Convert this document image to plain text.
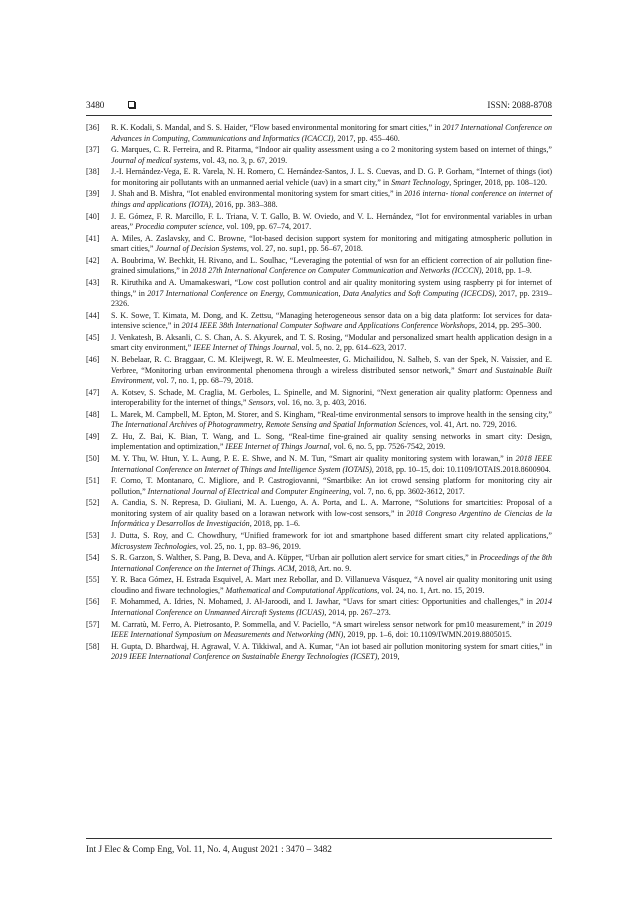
3480	ISSN: 2088-8708
[36]	R. K. Kodali, S. Mandal, and S. S. Haider, “Flow based environmental monitoring for smart cities,” in 2017 International Conference on Advances in Computing, Communications and Informatics (ICACCI), 2017, pp. 455–460.
[37]	G. Marques, C. R. Ferreira, and R. Pitarma, “Indoor air quality assessment using a co 2 monitoring system based on internet of things,” Journal of medical systems, vol. 43, no. 3, p. 67, 2019.
[38]	J.-I. Hernández-Vega, E. R. Varela, N. H. Romero, C. Hernández-Santos, J. L. S. Cuevas, and D. G. P. Gorham, “Internet of things (iot) for monitoring air pollutants with an unmanned aerial vehicle (uav) in a smart city,” in Smart Technology, Springer, 2018, pp. 108–120.
[39]	J. Shah and B. Mishra, “Iot enabled environmental monitoring system for smart cities,” in 2016 interna- tional conference on internet of things and applications (IOTA), 2016, pp. 383–388.
[40]	J. E. Gómez, F. R. Marcillo, F. L. Triana, V. T. Gallo, B. W. Oviedo, and V. L. Hernández, “Iot for environmental variables in urban areas,” Procedia computer science, vol. 109, pp. 67–74, 2017.
[41]	A. Miles, A. Zaslavsky, and C. Browne, “Iot-based decision support system for monitoring and mitigating atmospheric pollution in smart cities,” Journal of Decision Systems, vol. 27, no. sup1, pp. 56–67, 2018.
[42]	A. Boubrima, W. Bechkit, H. Rivano, and L. Soulhac, “Leveraging the potential of wsn for an efficient correction of air pollution fine-grained simulations,” in 2018 27th International Conference on Computer Communication and Networks (ICCCN), 2018, pp. 1–9.
[43]	R. Kiruthika and A. Umamakeswari, “Low cost pollution control and air quality monitoring system using raspberry pi for internet of things,” in 2017 International Conference on Energy, Communication, Data Analytics and Soft Computing (ICECDS), 2017, pp. 2319–2326.
[44]	S. K. Sowe, T. Kimata, M. Dong, and K. Zettsu, “Managing heterogeneous sensor data on a big data platform: Iot services for data-intensive science,” in 2014 IEEE 38th International Computer Software and Applications Conference Workshops, 2014, pp. 295–300.
[45]	J. Venkatesh, B. Aksanli, C. S. Chan, A. S. Akyurek, and T. S. Rosing, “Modular and personalized smart health application design in a smart city environment,” IEEE Internet of Things Journal, vol. 5, no. 2, pp. 614–623, 2017.
[46]	N. Bebelaar, R. C. Braggaar, C. M. Kleijwegt, R. W. E. Meulmeester, G. Michailidou, N. Salheb, S. van der Spek, N. Vaissier, and E. Verbree, “Monitoring urban environmental phenomena through a wireless distributed sensor network,” Smart and Sustainable Built Environment, vol. 7, no. 1, pp. 68–79, 2018.
[47]	A. Kotsev, S. Schade, M. Craglia, M. Gerboles, L. Spinelle, and M. Signorini, “Next generation air quality platform: Openness and interoperability for the internet of things,” Sensors, vol. 16, no. 3, p. 403, 2016.
[48]	L. Marek, M. Campbell, M. Epton, M. Storer, and S. Kingham, “Real-time environmental sensors to improve health in the sensing city,” The International Archives of Photogrammetry, Remote Sensing and Spatial Information Sciences, vol. 41, Art. no. 729, 2016.
[49]	Z. Hu, Z. Bai, K. Bian, T. Wang, and L. Song, “Real-time fine-grained air quality sensing networks in smart city: Design, implementation and optimization,” IEEE Internet of Things Journal, vol. 6, no. 5, pp. 7526-7542, 2019.
[50]	M. Y. Thu, W. Htun, Y. L. Aung, P. E. E. Shwe, and N. M. Tun, “Smart air quality monitoring system with lorawan,” in 2018 IEEE International Conference on Internet of Things and Intelligence System (IOTAIS), 2018, pp. 10–15, doi: 10.1109/IOTAIS.2018.8600904.
[51]	F. Corno, T. Montanaro, C. Migliore, and P. Castrogiovanni, “Smartbike: An iot crowd sensing platform for monitoring city air pollution,” International Journal of Electrical and Computer Engineering, vol. 7, no. 6, pp. 3602-3612, 2017.
[52]	A. Candia, S. N. Represa, D. Giuliani, M. A. Luengo, A. A. Porta, and L. A. Marrone, “Solutions for smartcities: Proposal of a monitoring system of air quality based on a lorawan network with low-cost sensors,” in 2018 Congreso Argentino de Ciencias de la Informática y Desarrollos de Investigación, 2018, pp. 1–6.
[53]	J. Dutta, S. Roy, and C. Chowdhury, “Unified framework for iot and smartphone based different smart city related applications,” Microsystem Technologies, vol. 25, no. 1, pp. 83–96, 2019.
[54]	S. R. Garzon, S. Walther, S. Pang, B. Deva, and A. Küpper, “Urban air pollution alert service for smart cities,” in Proceedings of the 8th International Conference on the Internet of Things. ACM, 2018, Art. no. 9.
[55]	Y. R. Baca Gómez, H. Estrada Esquivel, A. Mart ınez Rebollar, and D. Villanueva Vásquez, “A novel air quality monitoring unit using cloudino and fiware technologies,” Mathematical and Computational Applications, vol. 24, no. 1, Art. no. 15, 2019.
[56]	F. Mohammed, A. Idries, N. Mohamed, J. Al-Jaroodi, and I. Jawhar, “Uavs for smart cities: Opportunities and challenges,” in 2014 International Conference on Unmanned Aircraft Systems (ICUAS), 2014, pp. 267–273.
[57]	M. Carratù, M. Ferro, A. Pietrosanto, P. Sommella, and V. Paciello, “A smart wireless sensor network for pm10 measurement,” in 2019 IEEE International Symposium on Measurements and Networking (MN), 2019, pp. 1–6, doi: 10.1109/IWMN.2019.8805015.
[58]	H. Gupta, D. Bhardwaj, H. Agrawal, V. A. Tikkiwal, and A. Kumar, “An iot based air pollution monitoring system for smart cities,” in 2019 IEEE International Conference on Sustainable Energy Technologies (ICSET), 2019,
Int J Elec & Comp Eng, Vol. 11, No. 4, August 2021 : 3470 – 3482
